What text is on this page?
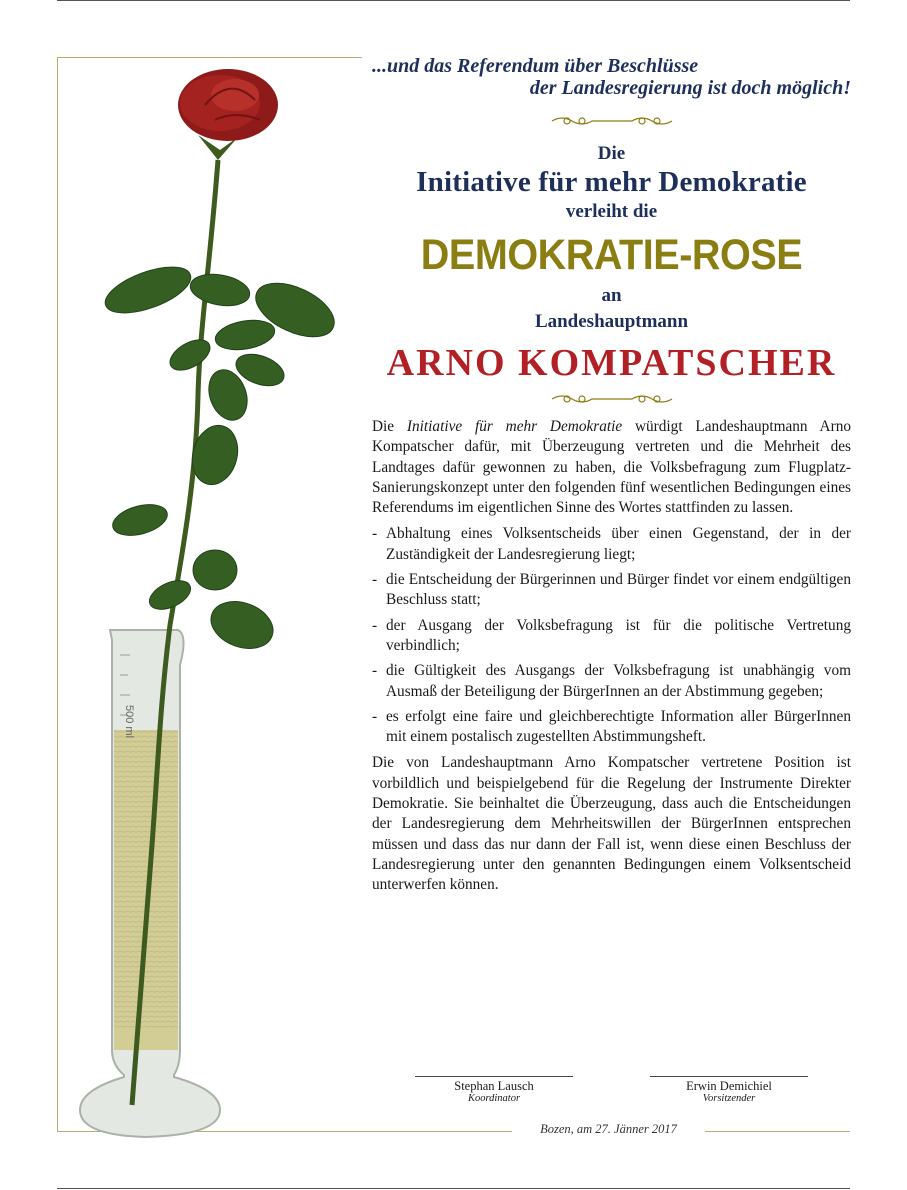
500 ml
...und das Referendum über Beschlüsse
der Landesregierung ist doch möglich!
Die
Initiative für mehr Demokratie
verleiht die
DEMOKRATIE-ROSE
an
Landeshauptmann
ARNO KOMPATSCHER

Die Initiative für mehr Demokratie würdigt Landeshauptmann Arno Kompatscher dafür, mit Überzeugung vertreten und die Mehrheit des Landtages dafür gewonnen zu haben, die Volksbefragung zum Flugplatz-Sanierungskonzept unter den folgenden fünf wesentlichen Bedingungen eines Referendums im eigentlichen Sinne des Wortes stattfinden zu lassen.

- Abhaltung eines Volksentscheids über einen Gegenstand, der in der Zuständigkeit der Landesregierung liegt;
- die Entscheidung der Bürgerinnen und Bürger findet vor einem endgültigen Beschluss statt;
- der Ausgang der Volksbefragung ist für die politische Vertretung verbindlich;
- die Gültigkeit des Ausgangs der Volksbefragung ist unabhängig vom Ausmaß der Beteiligung der BürgerInnen an der Abstimmung gegeben;
- es erfolgt eine faire und gleichberechtigte Information aller BürgerInnen mit einem postalisch zugestellten Abstimmungsheft.

Die von Landeshauptmann Arno Kompatscher vertretene Position ist vorbildlich und beispielgebend für die Regelung der Instrumente Direkter Demokratie. Sie beinhaltet die Überzeugung, dass auch die Entscheidungen der Landesregierung dem Mehrheitswillen der BürgerInnen entsprechen müssen und dass das nur dann der Fall ist, wenn diese einen Beschluss der Landesregierung unter den genannten Bedingungen einem Volksentscheid unterwerfen können.

Stephan Lausch
Koordinator
Erwin Demichiel
Vorsitzender
Bozen, am 27. Jänner 2017
